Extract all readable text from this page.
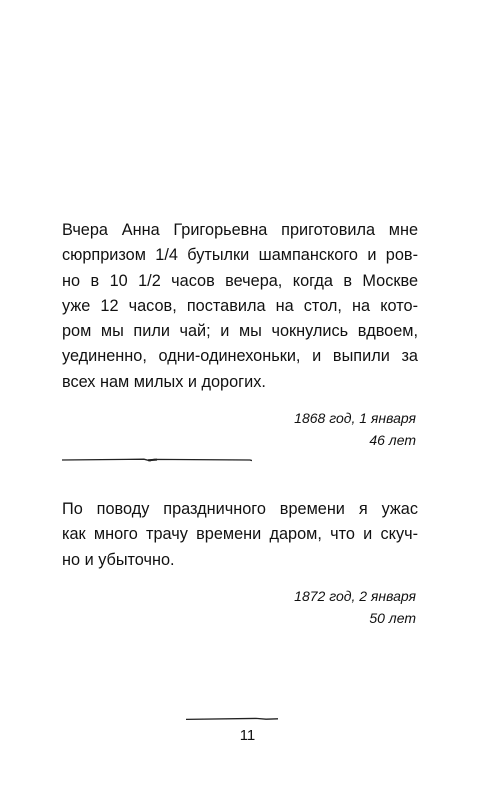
Вчера Анна Григорьевна приготовила мне
сюрпризом 1/4 бутылки шампанского и ров-
но в 10 1/2 часов вечера, когда в Москве
уже 12 часов, поставила на стол, на кото-
ром мы пили чай; и мы чокнулись вдвоем,
уединенно, одни-одинехоньки, и выпили за
всех нам милых и дорогих.
1868 год, 1 января
46 лет
По поводу праздничного времени я ужас
как много трачу времени даром, что и скуч-
но и убыточно.
1872 год, 2 января
50 лет
11
